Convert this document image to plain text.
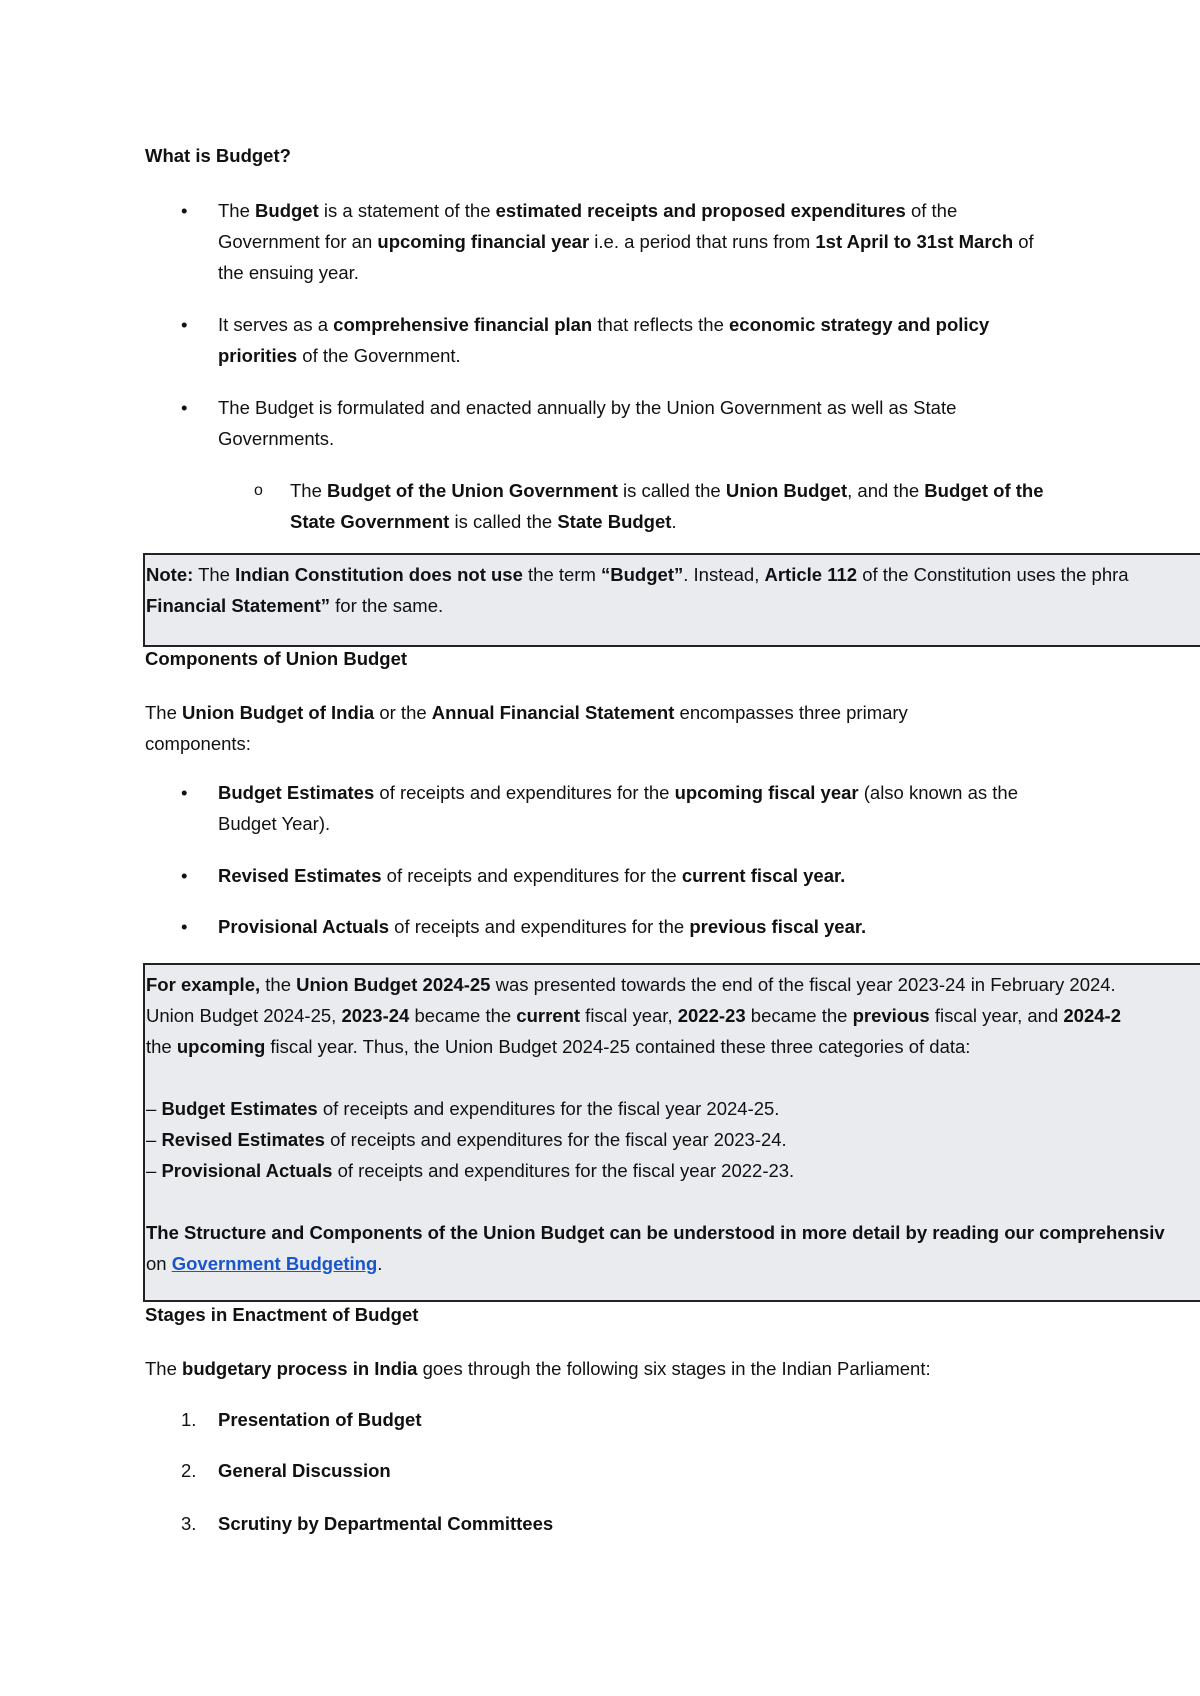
What is Budget?
• The Budget is a statement of the estimated receipts and proposed expenditures of the Government for an upcoming financial year i.e. a period that runs from 1st April to 31st March of the ensuing year.
• It serves as a comprehensive financial plan that reflects the economic strategy and policy priorities of the Government.
• The Budget is formulated and enacted annually by the Union Government as well as State Governments.
o The Budget of the Union Government is called the Union Budget, and the Budget of the State Government is called the State Budget.
Note: The Indian Constitution does not use the term “Budget”. Instead, Article 112 of the Constitution uses the phra
Financial Statement” for the same.
Components of Union Budget
The Union Budget of India or the Annual Financial Statement encompasses three primary components:
• Budget Estimates of receipts and expenditures for the upcoming fiscal year (also known as the Budget Year).
• Revised Estimates of receipts and expenditures for the current fiscal year.
• Provisional Actuals of receipts and expenditures for the previous fiscal year.
For example, the Union Budget 2024-25 was presented towards the end of the fiscal year 2023-24 in February 2024.
Union Budget 2024-25, 2023-24 became the current fiscal year, 2022-23 became the previous fiscal year, and 2024-2
the upcoming fiscal year. Thus, the Union Budget 2024-25 contained these three categories of data:

– Budget Estimates of receipts and expenditures for the fiscal year 2024-25.
– Revised Estimates of receipts and expenditures for the fiscal year 2023-24.
– Provisional Actuals of receipts and expenditures for the fiscal year 2022-23.

The Structure and Components of the Union Budget can be understood in more detail by reading our comprehensiv
on Government Budgeting.
Stages in Enactment of Budget
The budgetary process in India goes through the following six stages in the Indian Parliament:
1. Presentation of Budget
2. General Discussion
3. Scrutiny by Departmental Committees
